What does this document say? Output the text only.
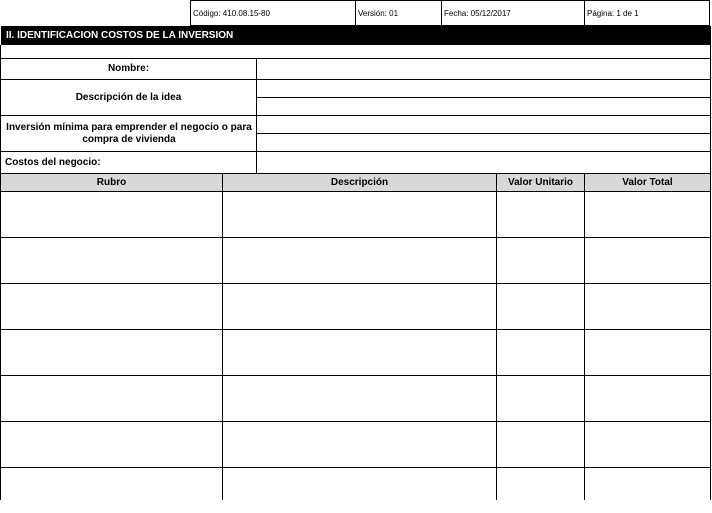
Código: 410.08.15-80	Versión: 01	Fecha: 05/12/2017	Página: 1 de 1
II. IDENTIFICACION COSTOS DE LA INVERSION
Nombre:
Descripción de la idea
Inversión mínima para emprender el negocio o para compra de vivienda
Costos del negocio:
Rubro	Descripción	Valor Unitario	Valor Total
